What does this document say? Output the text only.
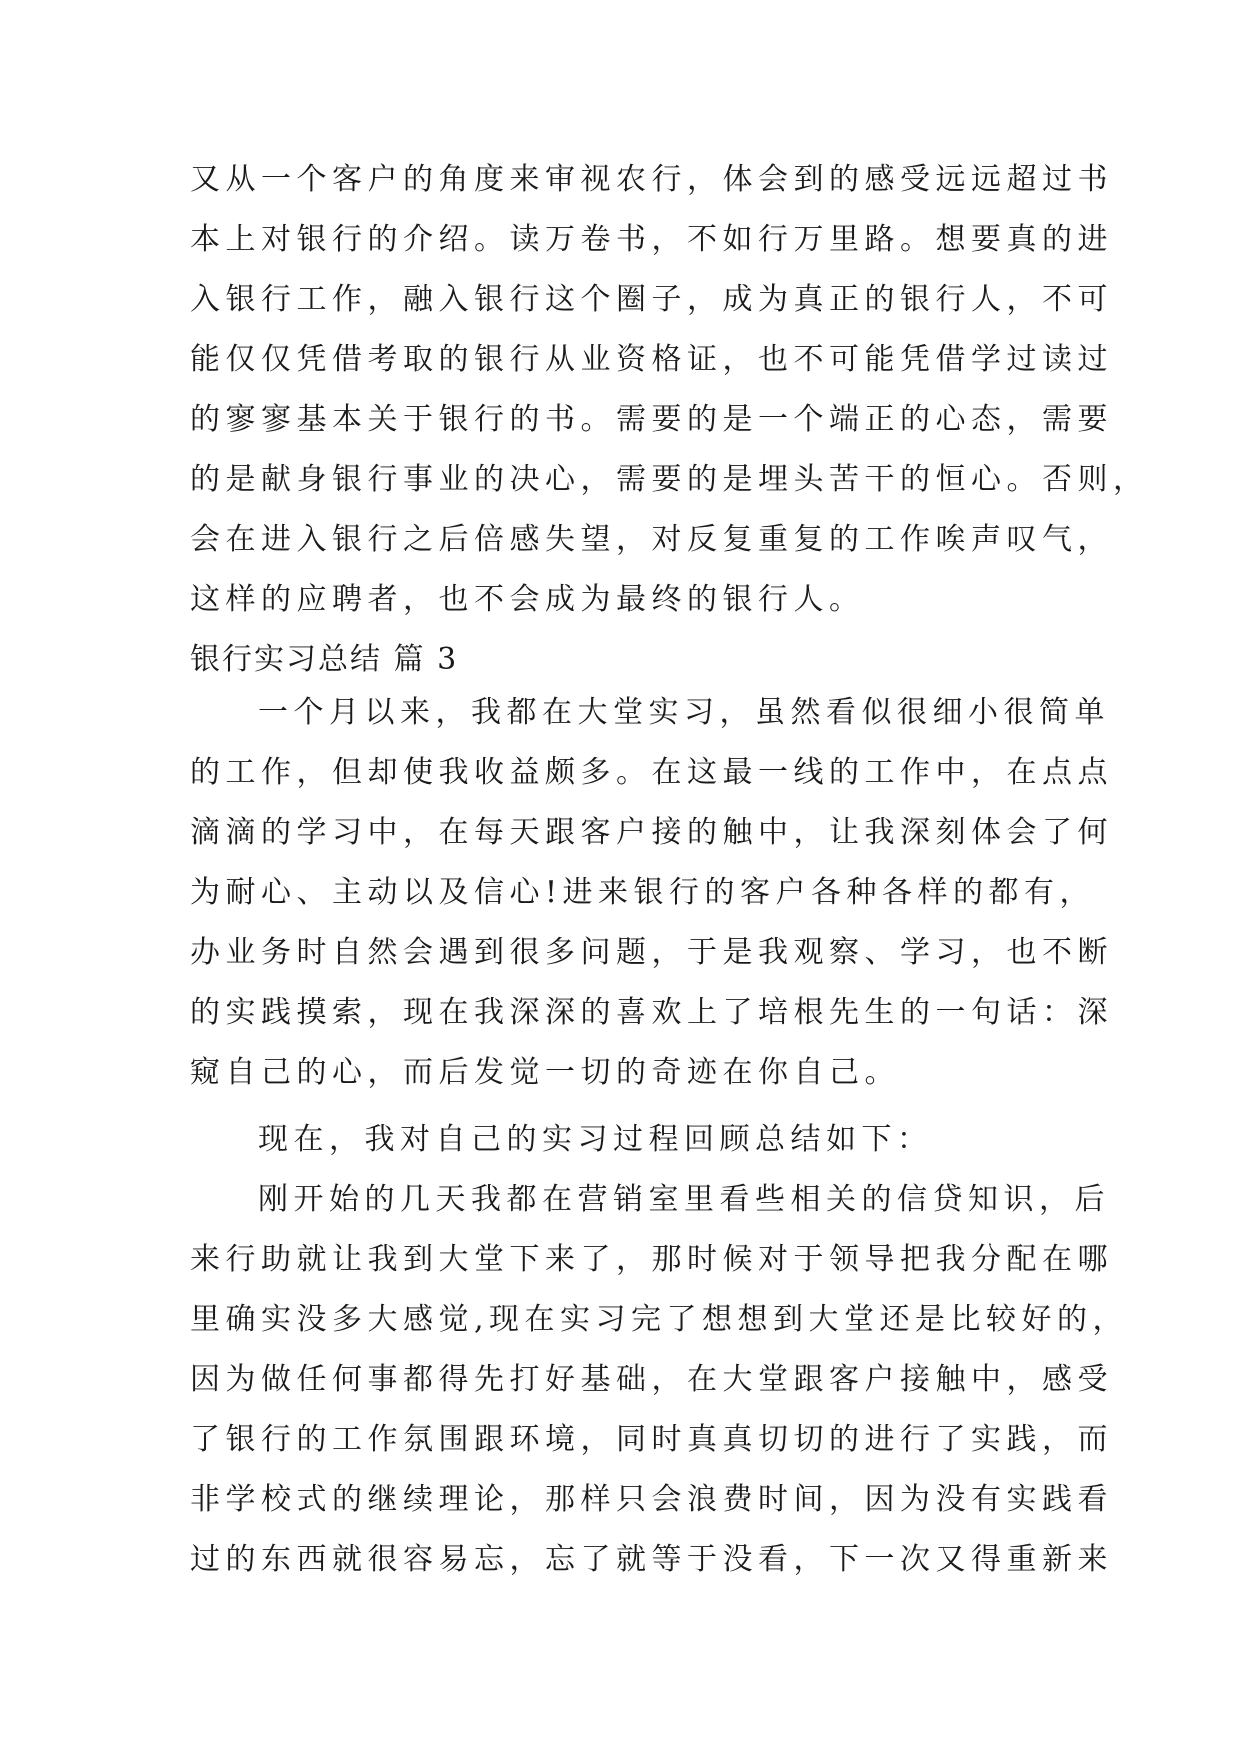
又从一个客户的角度来审视农行，体会到的感受远远超过书
本上对银行的介绍。读万卷书，不如行万里路。想要真的进
入银行工作，融入银行这个圈子，成为真正的银行人，不可
能仅仅凭借考取的银行从业资格证，也不可能凭借学过读过
的寥寥基本关于银行的书。需要的是一个端正的心态，需要
的是献身银行事业的决心，需要的是埋头苦干的恒心。否则，
会在进入银行之后倍感失望，对反复重复的工作唉声叹气，
这样的应聘者，也不会成为最终的银行人。
银行实习总结 篇 3
一个月以来，我都在大堂实习，虽然看似很细小很简单
的工作，但却使我收益颇多。在这最一线的工作中，在点点
滴滴的学习中，在每天跟客户接的触中，让我深刻体会了何
为耐心、主动以及信心!进来银行的客户各种各样的都有，
办业务时自然会遇到很多问题，于是我观察、学习，也不断
的实践摸索，现在我深深的喜欢上了培根先生的一句话：深
窥自己的心，而后发觉一切的奇迹在你自己。
现在，我对自己的实习过程回顾总结如下：
刚开始的几天我都在营销室里看些相关的信贷知识，后
来行助就让我到大堂下来了，那时候对于领导把我分配在哪
里确实没多大感觉,现在实习完了想想到大堂还是比较好的，
因为做任何事都得先打好基础，在大堂跟客户接触中，感受
了银行的工作氛围跟环境，同时真真切切的进行了实践，而
非学校式的继续理论，那样只会浪费时间，因为没有实践看
过的东西就很容易忘，忘了就等于没看，下一次又得重新来
